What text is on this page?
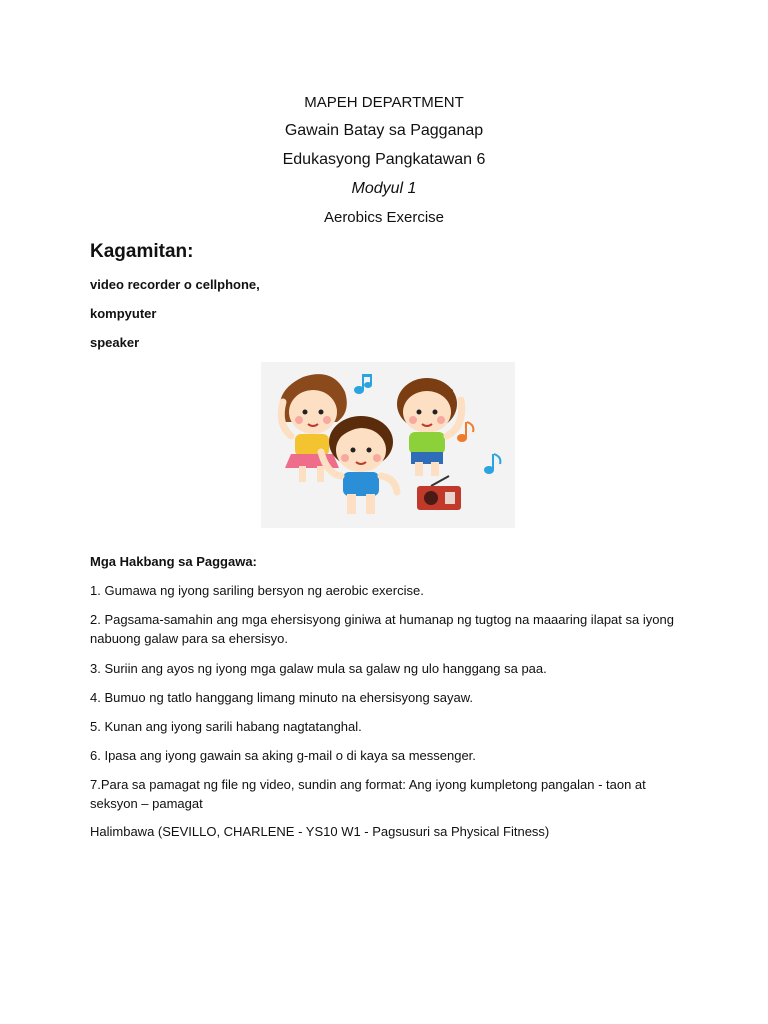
MAPEH DEPARTMENT
Gawain Batay sa Pagganap
Edukasyong Pangkatawan 6
Modyul 1
Aerobics Exercise
Kagamitan:
video recorder o cellphone,
kompyuter
speaker
Mga Hakbang sa Paggawa:
1. Gumawa ng iyong sariling bersyon ng aerobic exercise.
2. Pagsama-samahin ang mga ehersisyong giniwa at humanap ng tugtog na maaaring ilapat sa iyong nabuong galaw para sa ehersisyo.
3. Suriin ang ayos ng iyong mga galaw mula sa galaw ng ulo hanggang sa paa.
4. Bumuo ng tatlo hanggang limang minuto na ehersisyong sayaw.
5. Kunan ang iyong sarili habang nagtatanghal.
6. Ipasa ang iyong gawain sa aking g-mail o di kaya sa messenger.
7.Para sa pamagat ng file ng video, sundin ang format: Ang iyong kumpletong pangalan - taon at seksyon – pamagat
Halimbawa (SEVILLO, CHARLENE - YS10 W1 - Pagsusuri sa Physical Fitness)
